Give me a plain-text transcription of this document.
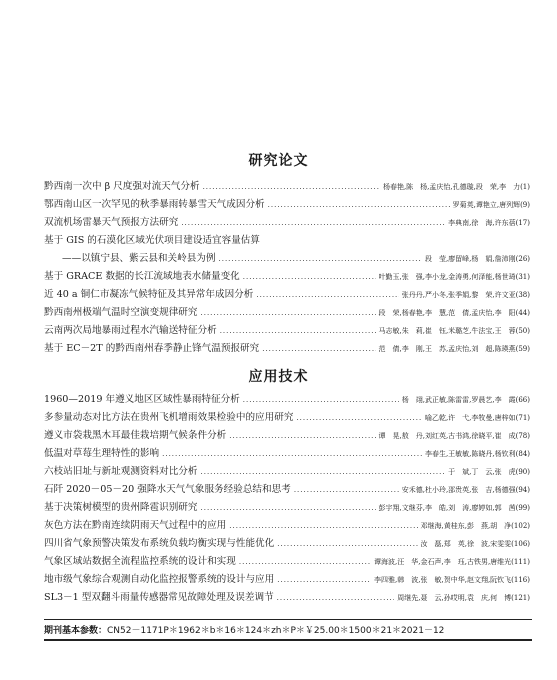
研究论文
黔西南一次中 β 尺度强对流天气分析 ·····	杨春艳,陈　杨,孟庆怡,孔德璇,段　荣,李　力(1)
鄂西南山区一次罕见的秋季暴雨转暴雪天气成因分析 ·····	罗菊英,谭艳立,唐列辉(9)
双流机场雷暴天气预报方法研究 ·····	李典南,徐　海,许东蓓(17)
基于 GIS 的石漠化区域光伏项目建设适宜容量估算
——以镇宁县、紫云县和关岭县为例 ·····	段　莹,廖留峰,杨　娟,詹沛刚(26)
基于 GRACE 数据的长江流域地表水储量变化 ·····	叶勤玉,张　强,李小龙,金涛勇,何泽能,杨世琦(31)
近 40 a 铜仁市凝冻气候特征及其异常年成因分析 ·····	张丹丹,严小冬,张季娟,黎　荣,许文亚(38)
黔西南州极端气温时空演变规律研究 ·····	段　荣,杨春艳,李　慧,范　倩,孟庆怡,李　阳(44)
云南两次局地暴雨过程水汽输送特征分析 ·····	马志敏,朱　莉,崔　钰,米璐芝,牛法宝,王　蓉(50)
基于 EC－2T 的黔西南州春季静止锋气温预报研究 ·····	范　倩,李　刚,王　苏,孟庆怡,刘　超,陈瑛燕(59)
应用技术
1960—2019 年遵义地区区域性暴雨特征分析 ·····	杨　翊,武正敏,陈雷雷,罗晨艺,李　霞(66)
多参量动态对比方法在贵州飞机增雨效果检验中的应用研究 ·····	喻乙乾,许　弋,李牧曼,唐梓如(71)
遵义市袋栽黑木耳最佳栽培期气候条件分析 ·····	谭　晃,敖　丹,刘红英,古书鸿,徐晓平,崔　成(78)
低温对草莓生理特性的影响 ·····	李春生,王敏敏,陈晓丹,杨钦利(84)
六枝站旧址与新址观测资料对比分析 ·····	于　斌,丁　云,张　虎(90)
石阡 2020－05－20 强降水天气气象服务经验总结和思考 ·····	安禾德,杜小玲,邵贵英,张　吉,杨德强(94)
基于决策树模型的贵州降雹识别研究 ·····	彭宇翔,文继芬,李　皓,刘　涛,廖婷如,郭　茜(99)
灰色方法在黔南连续阴雨天气过程中的应用 ·····	邓继海,黄桂东,彭　燕,胡　净(102)
四川省气象预警决策发布系统负载均衡实现与性能优化 ·····	汝　磊,郑　英,徐　波,宋雯雯(106)
气象区域站数据全流程监控系统的设计和实现 ·····	谭海波,汪　华,金石声,李　珏,古铁男,唐维光(111)
地市级气象综合观测自动化监控报警系统的设计与应用 ·····	李四雅,韩　波,张　敏,贺中华,赵文翔,阮钦飞(116)
SL3－1 型双翻斗雨量传感器常见故障处理及误差调节 ·····	周继先,聂　云,孙哎明,袁　庆,何　博(121)
期刊基本参数：CN52－1171P＊1962＊b＊16＊124＊zh＊P＊￥25.00＊1500＊21＊2021－12
